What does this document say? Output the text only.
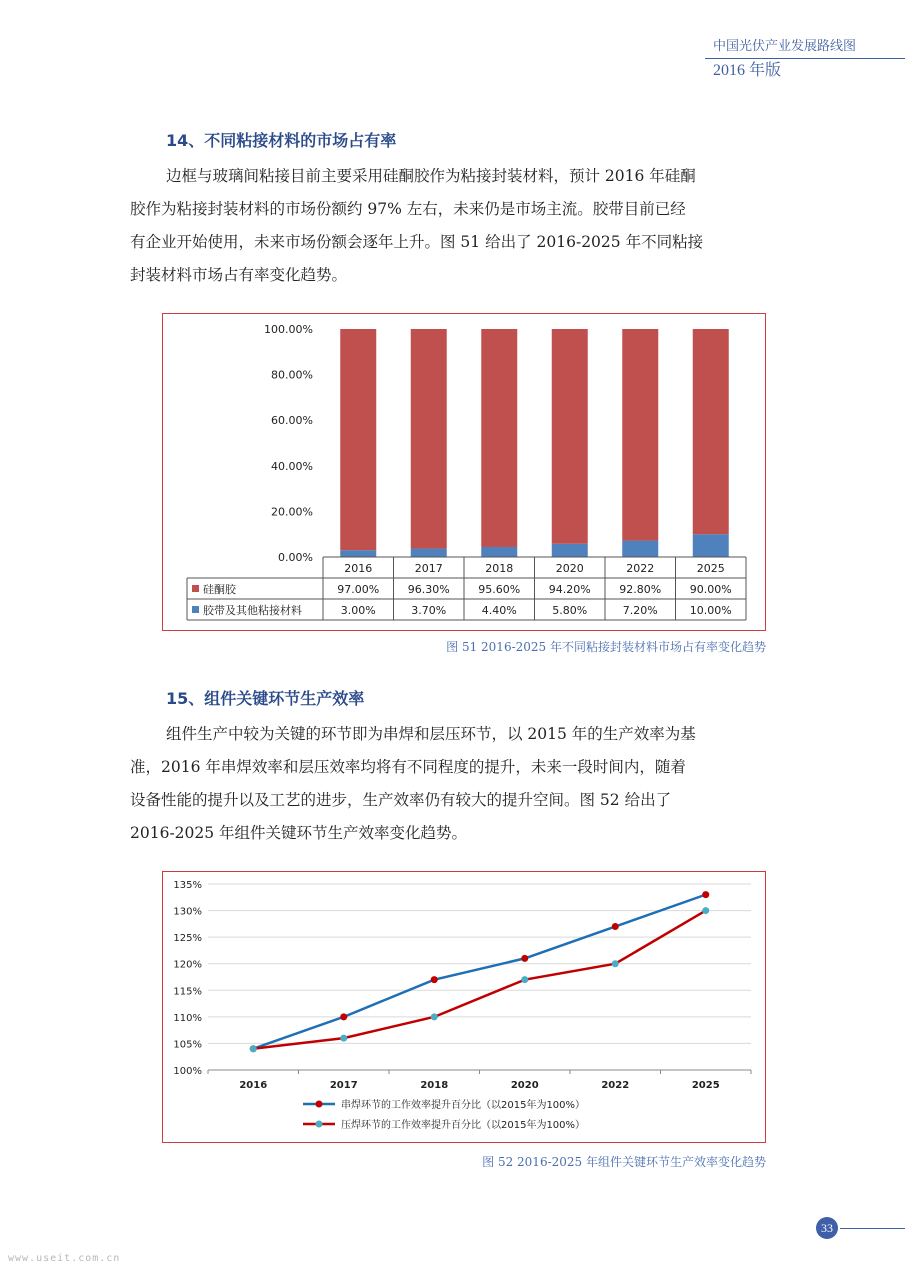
中国光伏产业发展路线图
2016 年版
14、不同粘接材料的市场占有率
边框与玻璃间粘接目前主要采用硅酮胶作为粘接封装材料，预计 2016 年硅酮
胶作为粘接封装材料的市场份额约 97% 左右，未来仍是市场主流。胶带目前已经
有企业开始使用，未来市场份额会逐年上升。图 51 给出了 2016-2025 年不同粘接
封装材料市场占有率变化趋势。
0.00%
20.00%
40.00%
60.00%
80.00%
100.00%
2016	2017	2018	2020	2022	2025
硅酮胶	97.00%	96.30%	95.60%	94.20%	92.80%	90.00%
胶带及其他粘接材料	3.00%	3.70%	4.40%	5.80%	7.20%	10.00%
图 51 2016-2025 年不同粘接封装材料市场占有率变化趋势
15、组件关键环节生产效率
组件生产中较为关键的环节即为串焊和层压环节，以 2015 年的生产效率为基
准，2016 年串焊效率和层压效率均将有不同程度的提升，未来一段时间内，随着
设备性能的提升以及工艺的进步，生产效率仍有较大的提升空间。图 52 给出了
2016-2025 年组件关键环节生产效率变化趋势。
100%
105%
110%
115%
120%
125%
130%
135%
2016	2017	2018	2020	2022	2025
串焊环节的工作效率提升百分比（以2015年为100%）
压焊环节的工作效率提升百分比（以2015年为100%）
图 52 2016-2025 年组件关键环节生产效率变化趋势
33
www.useit.com.cn
